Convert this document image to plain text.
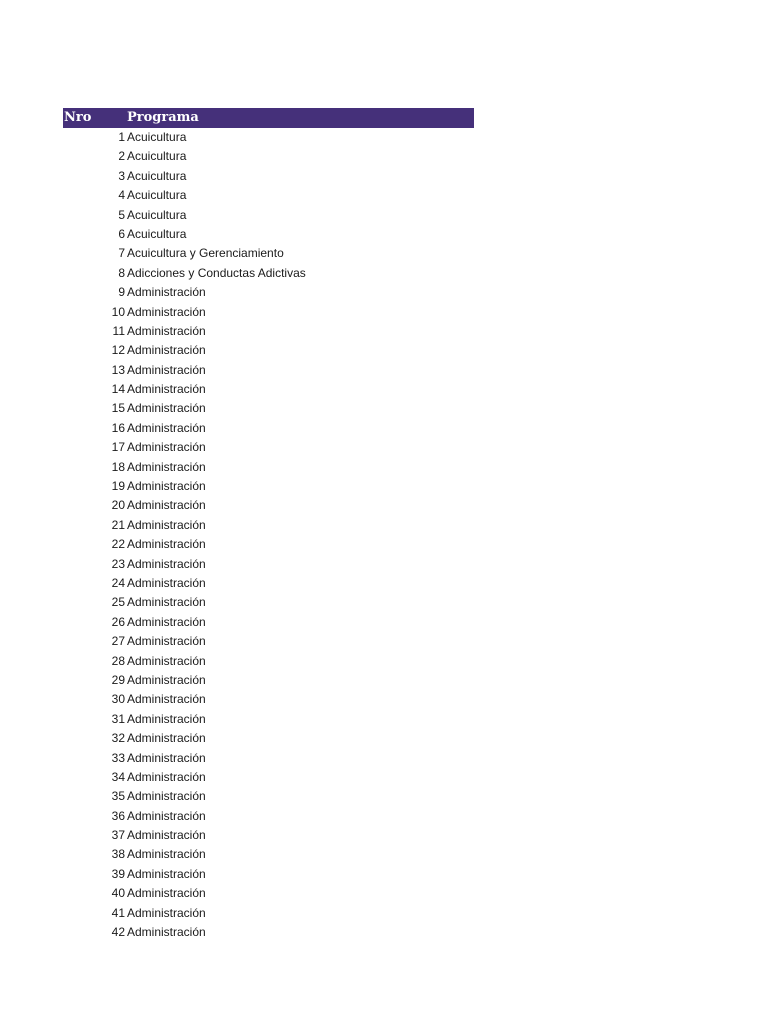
Nro	Programa
1 Acuicultura
2 Acuicultura
3 Acuicultura
4 Acuicultura
5 Acuicultura
6 Acuicultura
7 Acuicultura y Gerenciamiento
8 Adicciones y Conductas Adictivas
9 Administración
10 Administración
11 Administración
12 Administración
13 Administración
14 Administración
15 Administración
16 Administración
17 Administración
18 Administración
19 Administración
20 Administración
21 Administración
22 Administración
23 Administración
24 Administración
25 Administración
26 Administración
27 Administración
28 Administración
29 Administración
30 Administración
31 Administración
32 Administración
33 Administración
34 Administración
35 Administración
36 Administración
37 Administración
38 Administración
39 Administración
40 Administración
41 Administración
42 Administración
